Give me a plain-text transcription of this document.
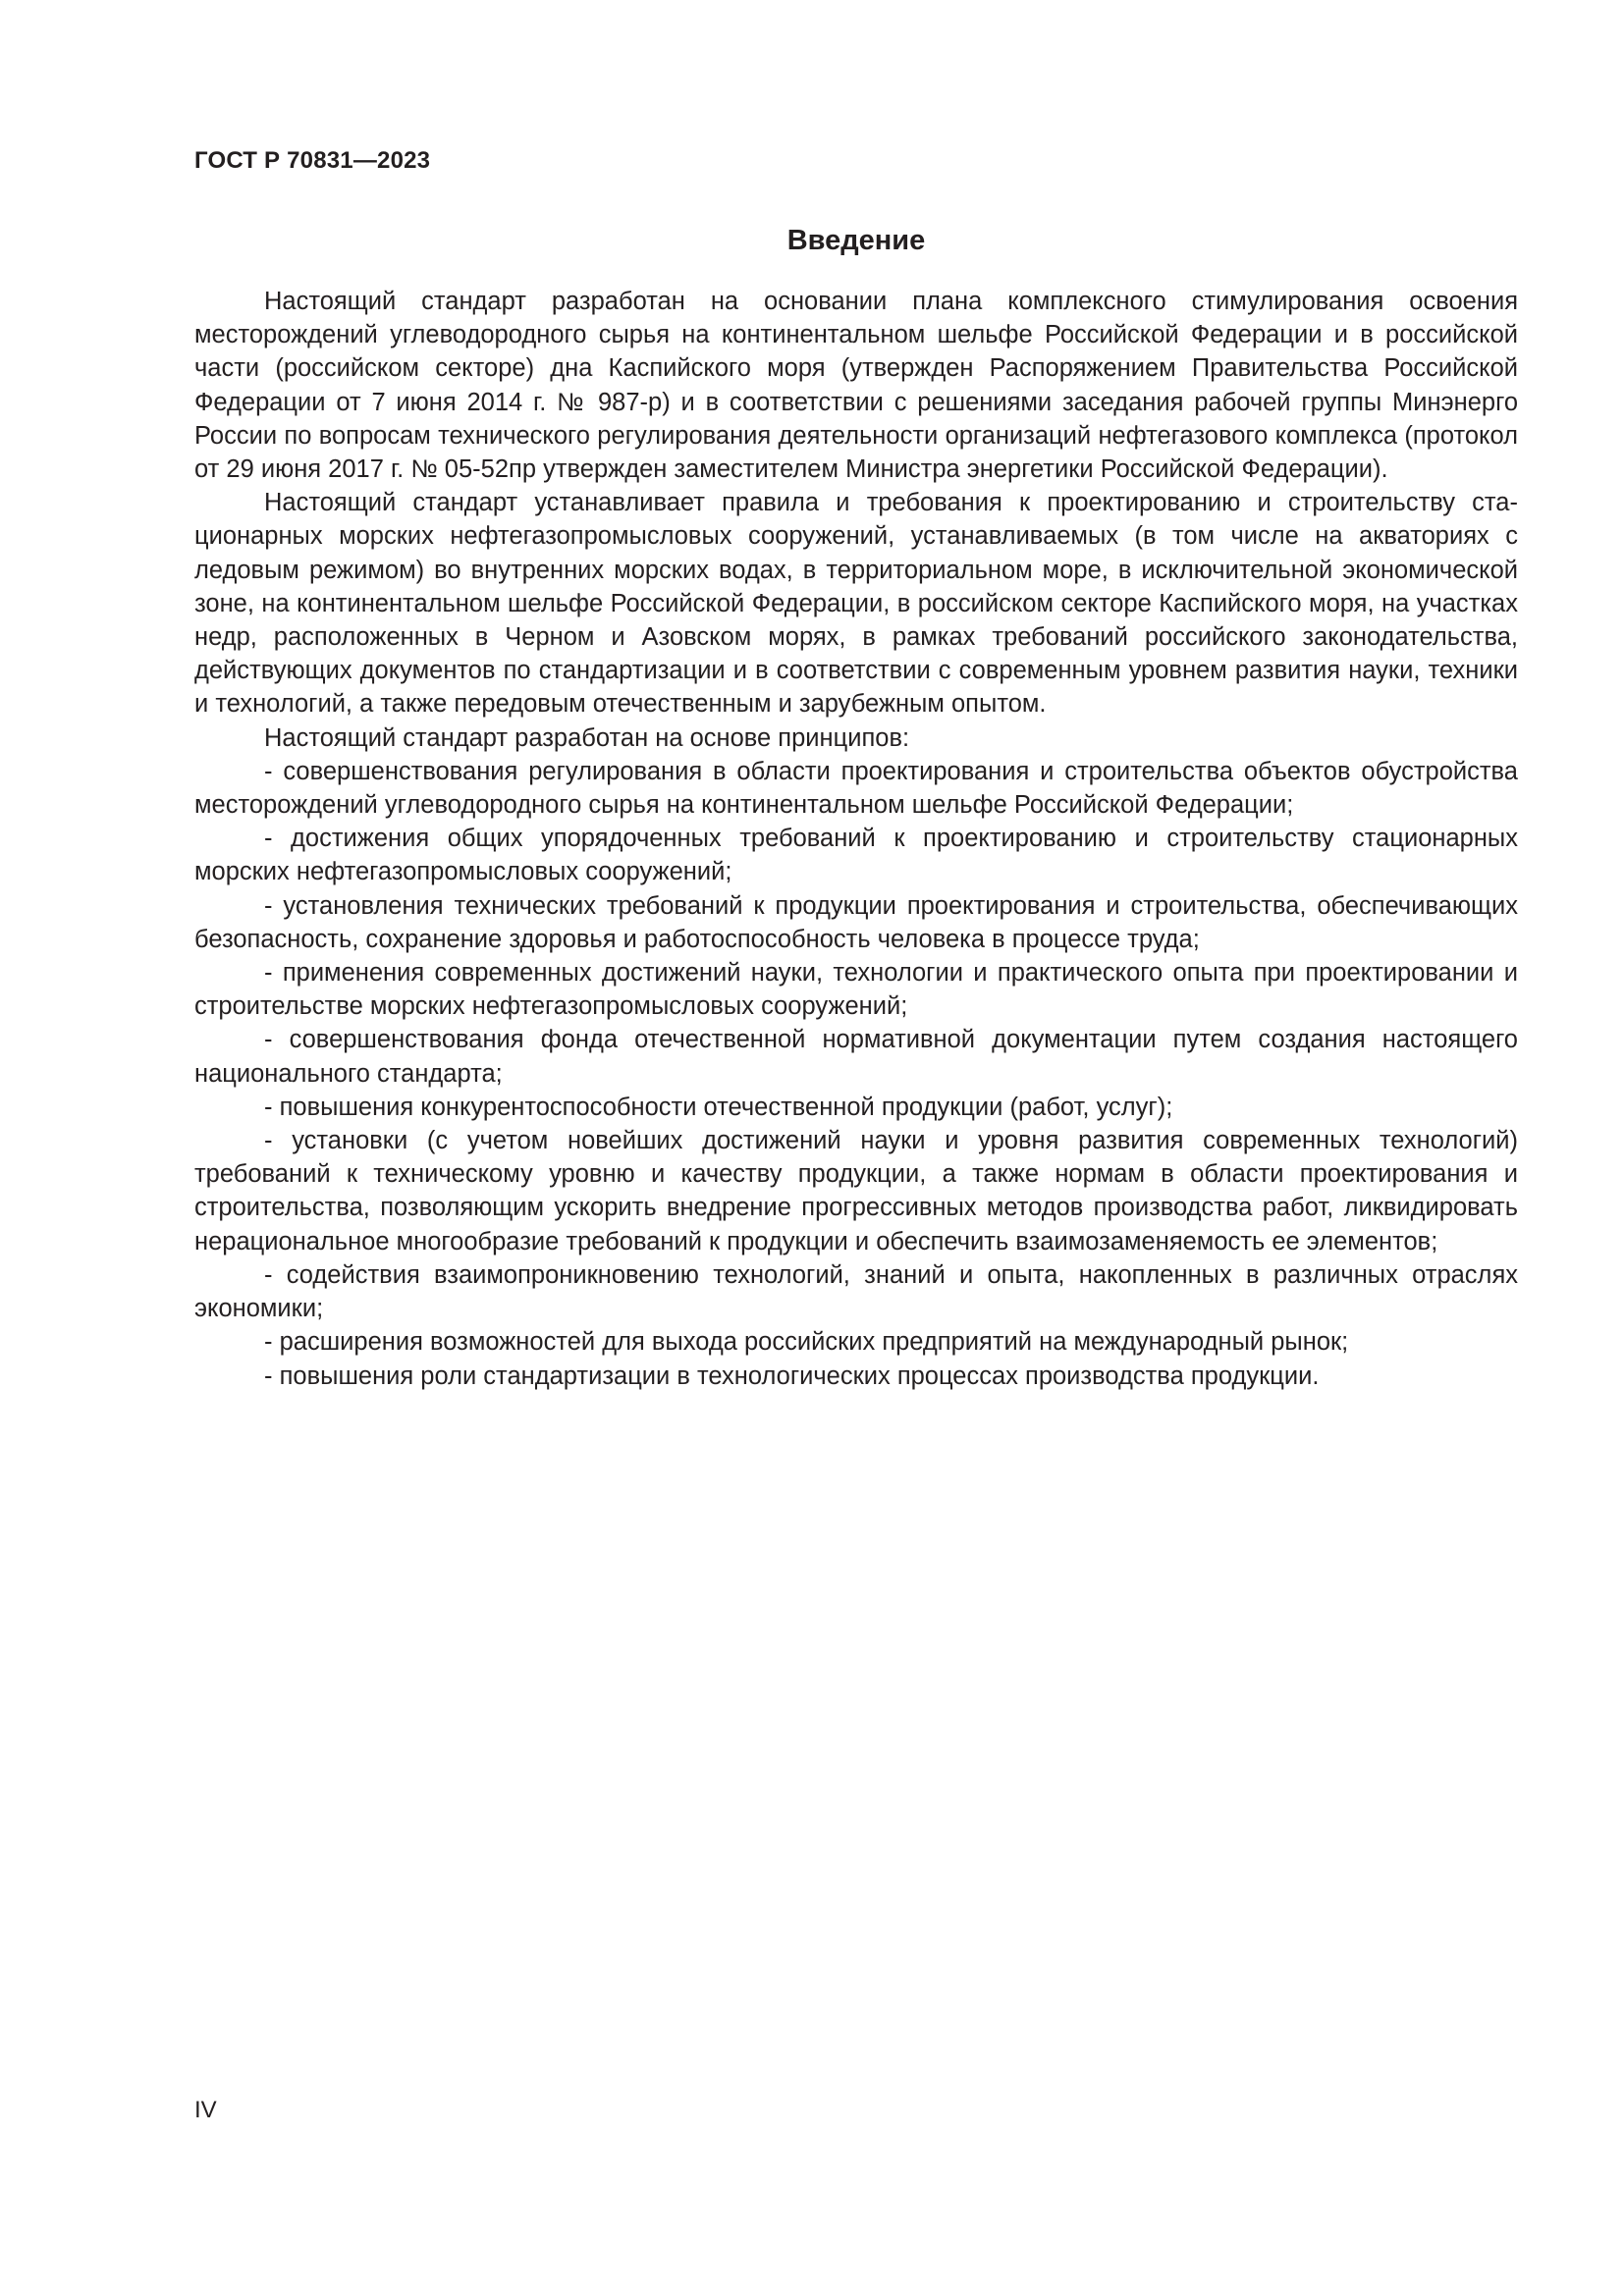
ГОСТ Р 70831—2023
Введение

Настоящий стандарт разработан на основании плана комплексного стимулирования освоения месторождений углеводородного сырья на континентальном шельфе Российской Федерации и в российской части (российском секторе) дна Каспийского моря (утвержден Распоряжением Правительства Российской Федерации от 7 июня 2014 г. № 987-р) и в соответствии с решениями заседания рабочей группы Минэнерго России по вопросам технического регулирования деятельности организаций нефтегазового комплекса (протокол от 29 июня 2017 г. № 05-52пр утвержден заместителем Министра энергетики Российской Федерации).

Настоящий стандарт устанавливает правила и требования к проектированию и строительству стационарных морских нефтегазопромысловых сооружений, устанавливаемых (в том числе на акваториях с ледовым режимом) во внутренних морских водах, в территориальном море, в исключительной экономической зоне, на континентальном шельфе Российской Федерации, в российском секторе Каспийского моря, на участках недр, расположенных в Черном и Азовском морях, в рамках требований российского законодательства, действующих документов по стандартизации и в соответствии с современным уровнем развития науки, техники и технологий, а также передовым отечественным и зарубежным опытом.

Настоящий стандарт разработан на основе принципов:

- совершенствования регулирования в области проектирования и строительства объектов обустройства месторождений углеводородного сырья на континентальном шельфе Российской Федерации;

- достижения общих упорядоченных требований к проектированию и строительству стационарных морских нефтегазопромысловых сооружений;

- установления технических требований к продукции проектирования и строительства, обеспечивающих безопасность, сохранение здоровья и работоспособность человека в процессе труда;

- применения современных достижений науки, технологии и практического опыта при проектировании и строительстве морских нефтегазопромысловых сооружений;

- совершенствования фонда отечественной нормативной документации путем создания настоящего национального стандарта;

- повышения конкурентоспособности отечественной продукции (работ, услуг);

- установки (с учетом новейших достижений науки и уровня развития современных технологий) требований к техническому уровню и качеству продукции, а также нормам в области проектирования и строительства, позволяющим ускорить внедрение прогрессивных методов производства работ, ликвидировать нерациональное многообразие требований к продукции и обеспечить взаимозаменяемость ее элементов;

- содействия взаимопроникновению технологий, знаний и опыта, накопленных в различных отраслях экономики;

- расширения возможностей для выхода российских предприятий на международный рынок;

- повышения роли стандартизации в технологических процессах производства продукции.

IV
